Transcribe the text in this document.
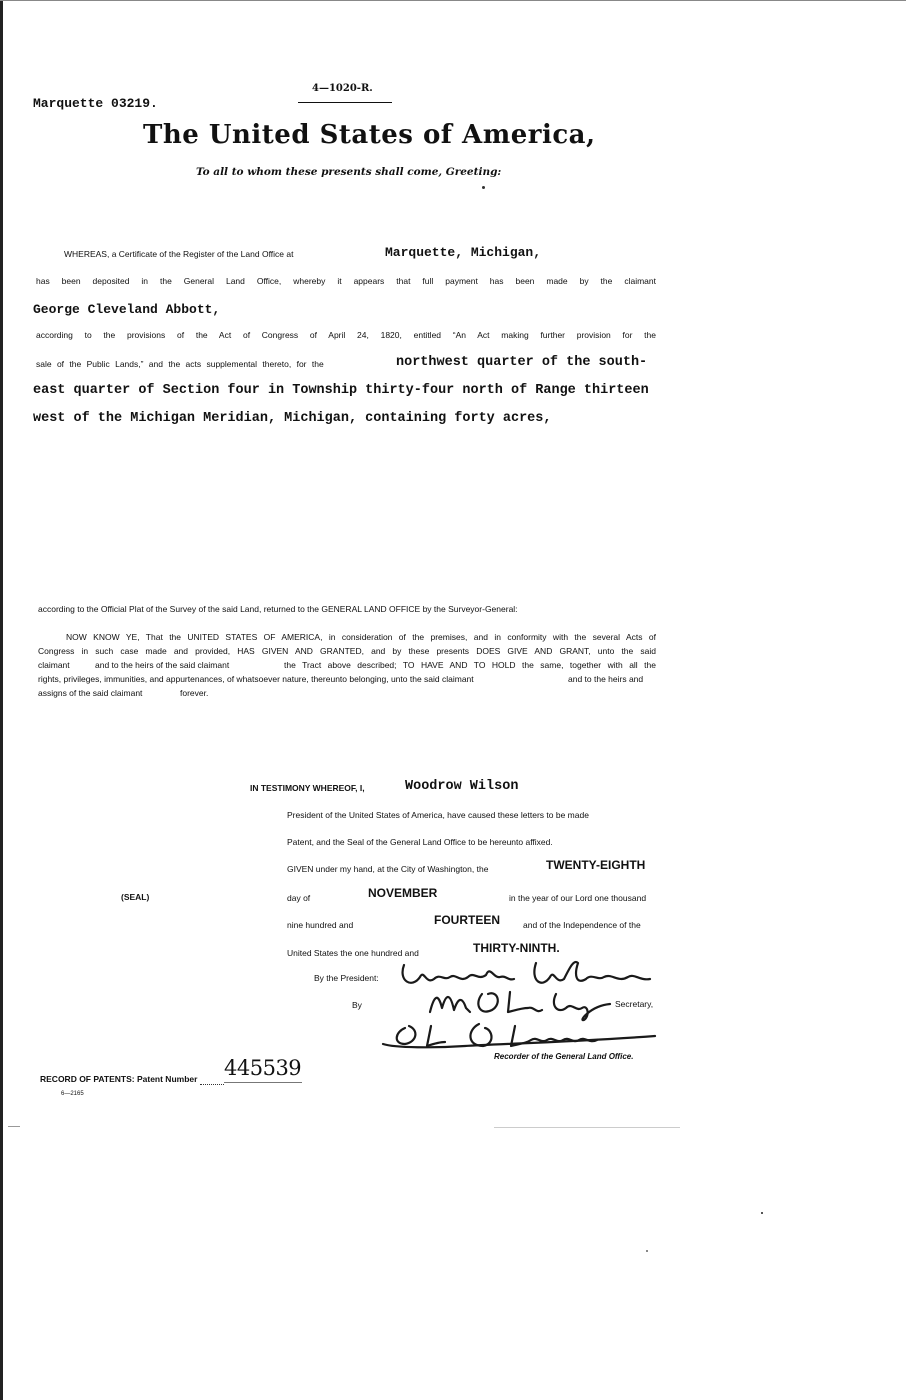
4—1020-R.
Marquette 03219.
The United States of America,
To all to whom these presents shall come, Greeting:
WHEREAS, a Certificate of the Register of the Land Office at	Marquette, Michigan,
has been deposited in the General Land Office, whereby it appears that full payment has been made by the claimant
George Cleveland Abbott,
according to the provisions of the Act of Congress of April 24, 1820, entitled “An Act making further provision for the
sale of the Public Lands,” and the acts supplemental thereto, for the	northwest quarter of the south-
east quarter of Section four in Township thirty-four north of Range thirteen
west of the Michigan Meridian, Michigan, containing forty acres,
according to the Official Plat of the Survey of the said Land, returned to the GENERAL LAND OFFICE by the Surveyor-General:
NOW KNOW YE, That the UNITED STATES OF AMERICA, in consideration of the premises, and in conformity with the several Acts of
Congress in such case made and provided, HAS GIVEN AND GRANTED, and by these presents DOES GIVE AND GRANT, unto the said
claimant	and to the heirs of the said claimant	the Tract above described; TO HAVE AND TO HOLD the same, together with all the
rights, privileges, immunities, and appurtenances, of whatsoever nature, thereunto belonging, unto the said claimant	and to the heirs and
assigns of the said claimant	forever.
IN TESTIMONY WHEREOF, I,	Woodrow Wilson
President of the United States of America, have caused these letters to be made
Patent, and the Seal of the General Land Office to be hereunto affixed.
GIVEN under my hand, at the City of Washington, the	TWENTY-EIGHTH
(SEAL)	day of	NOVEMBER	in the year of our Lord one thousand
nine hundred and	FOURTEEN	and of the Independence of the
United States the one hundred and	THIRTY-NINTH.
By the President:
By	Secretary,
Recorder of the General Land Office.
RECORD OF PATENTS: Patent Number 445539
6—2165
